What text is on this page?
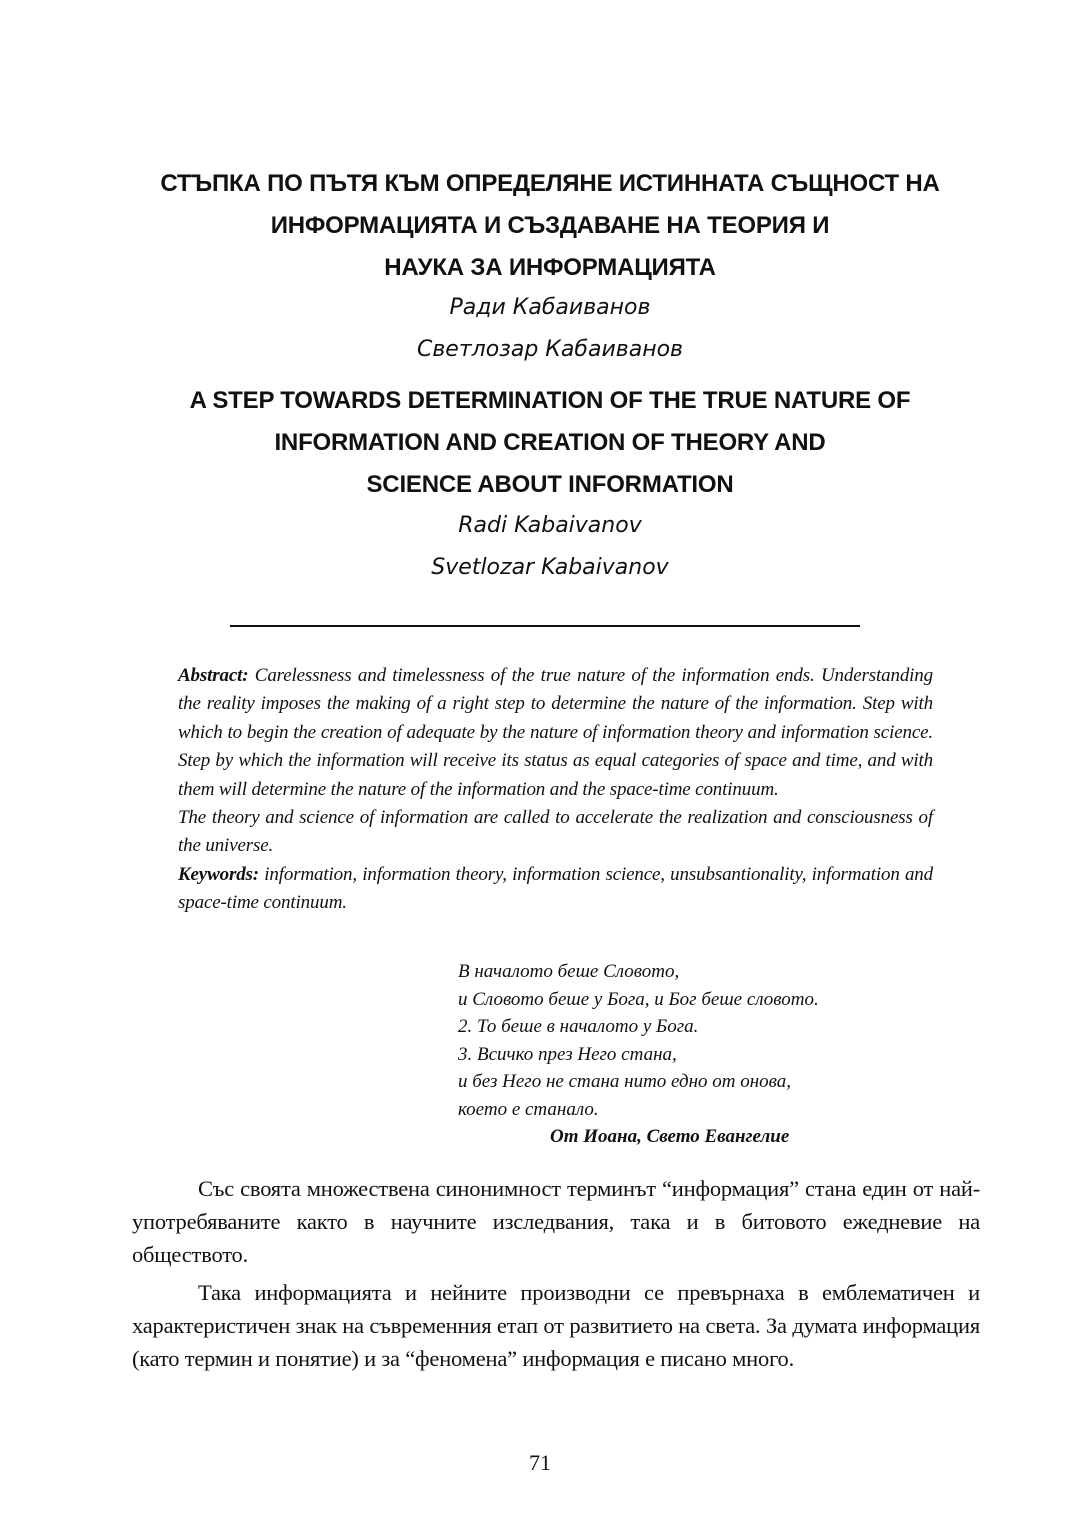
СТЪПКА ПО ПЪТЯ КЪМ ОПРЕДЕЛЯНЕ ИСТИННАТА СЪЩНОСТ НА
ИНФОРМАЦИЯТА И СЪЗДАВАНЕ НА ТЕОРИЯ И
НАУКА ЗА ИНФОРМАЦИЯТА
Ради Кабаиванов
Светлозар Кабаиванов
A STEP TOWARDS DETERMINATION OF THE TRUE NATURE OF
INFORMATION AND CREATION OF THEORY AND
SCIENCE ABOUT INFORMATION
Radi Kabaivanov
Svetlozar Kabaivanov

Abstract: Carelessness and timelessness of the true nature of the information ends. Understanding the reality imposes the making of a right step to determine the nature of the information. Step with which to begin the creation of adequate by the nature of information theory and information science. Step by which the information will receive its status as equal categories of space and time, and with them will determine the nature of the information and the space-time continuum.

The theory and science of information are called to accelerate the realization and consciousness of the universe.

Keywords: information, information theory, information science, unsubsantionality, information and space-time continuum.

В началото беше Словото,
и Словото беше у Бога, и Бог беше словото.
2. То беше в началото у Бога.
3. Всичко през Него стана,
и без Него не стана нито едно от онова,
което е станало.
От Иоана, Свето Евангелие

Със своята множествена синонимност терминът “информация” стана един от най-употребяваните както в научните изследвания, така и в битовото ежедневие на обществото.

Така информацията и нейните производни се превърнаха в емблематичен и характеристичен знак на съвременния етап от развитието на света. За думата информация (като термин и понятие) и за “феномена” информация е писано много.

71
